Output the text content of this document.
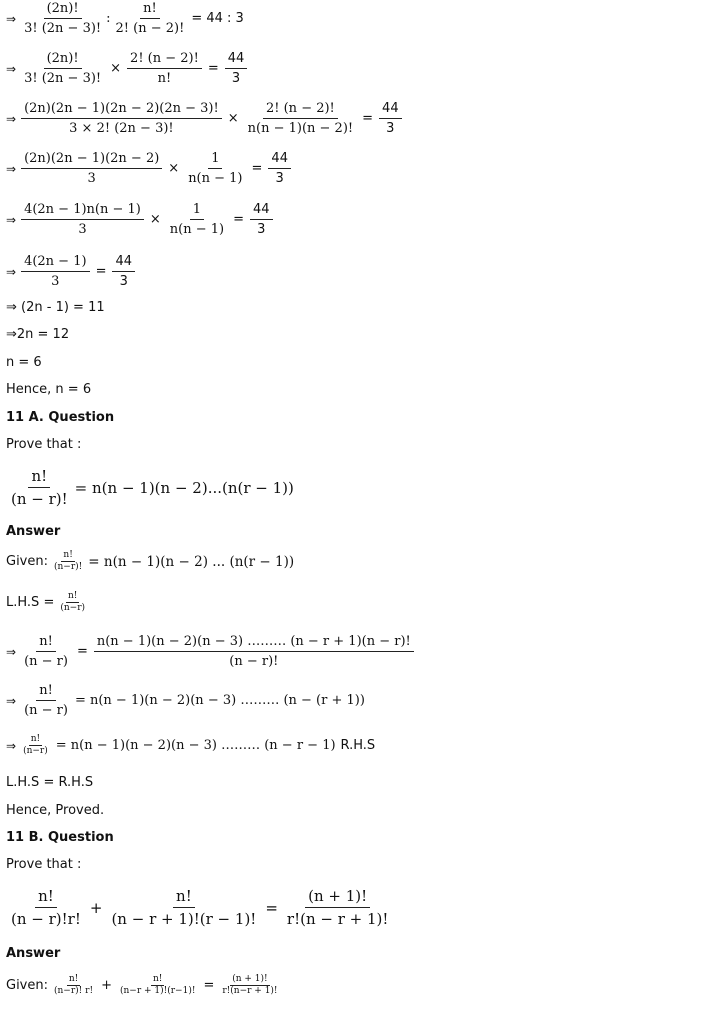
⇒ $\frac{(2n)!}{3! (2n - 3)!}$ : $\frac{n!}{2! (n - 2)!} = 44$ : 3
⇒ $\frac{(2n)!}{3! (2n - 3)!} \times \frac{2! (n - 2)!}{n!} = \frac{44}{3}$
⇒ $\frac{(2n)(2n - 1)(2n - 2)(2n - 3)!}{3 \times 2! (2n - 3)!} \times \frac{2! (n - 2)!}{n(n - 1)(n - 2)!} = \frac{44}{3}$
⇒ $\frac{(2n)(2n - 1)(2n - 2)}{3} \times \frac{1}{n(n - 1)} = \frac{44}{3}$
⇒ $\frac{4(2n - 1)n(n - 1)}{3} \times \frac{1}{n(n - 1)} = \frac{44}{3}$
⇒ $\frac{4(2n - 1)}{3} = \frac{44}{3}$
⇒ (2n - 1) = 11
⇒2n = 12
n = 6
Hence, n = 6
11 A. Question
Prove that :
$\frac{n!}{(n - r)!} = n(n - 1)(n - 2)...(n(r - 1))$
Answer
Given: $\frac{n!}{(n-r)!} = n(n - 1)(n - 2)$ ... (n(r − 1))
$L.H.S = \frac{n!}{(n-r)}$
⇒ $\frac{n!}{(n - r)} = \frac{n(n - 1)(n - 2)(n - 3) \dots\dots\dots (n - r + 1)(n - r)!}{(n - r)!}$
⇒ $\frac{n!}{(n - r)} = n(n - 1)(n - 2)(n - 3)$ ……… (n − (r + 1))
⇒ $\frac{n!}{(n-r)} = n(n - 1)(n - 2)(n - 3)$ ……… (n − r − 1) R.H.S
L.H.S = R.H.S
Hence, Proved.
11 B. Question
Prove that :
$\frac{n!}{(n - r)!r!} + \frac{n!}{(n - r + 1)!(r - 1)!} = \frac{(n + 1)!}{r!(n - r + 1)!}$
Answer
Given: $\frac{n!}{(n-r)! r!} + \frac{n!}{(n-r + 1)!(r-1)!} = \frac{(n + 1)!}{r!(n-r + 1)!}$
